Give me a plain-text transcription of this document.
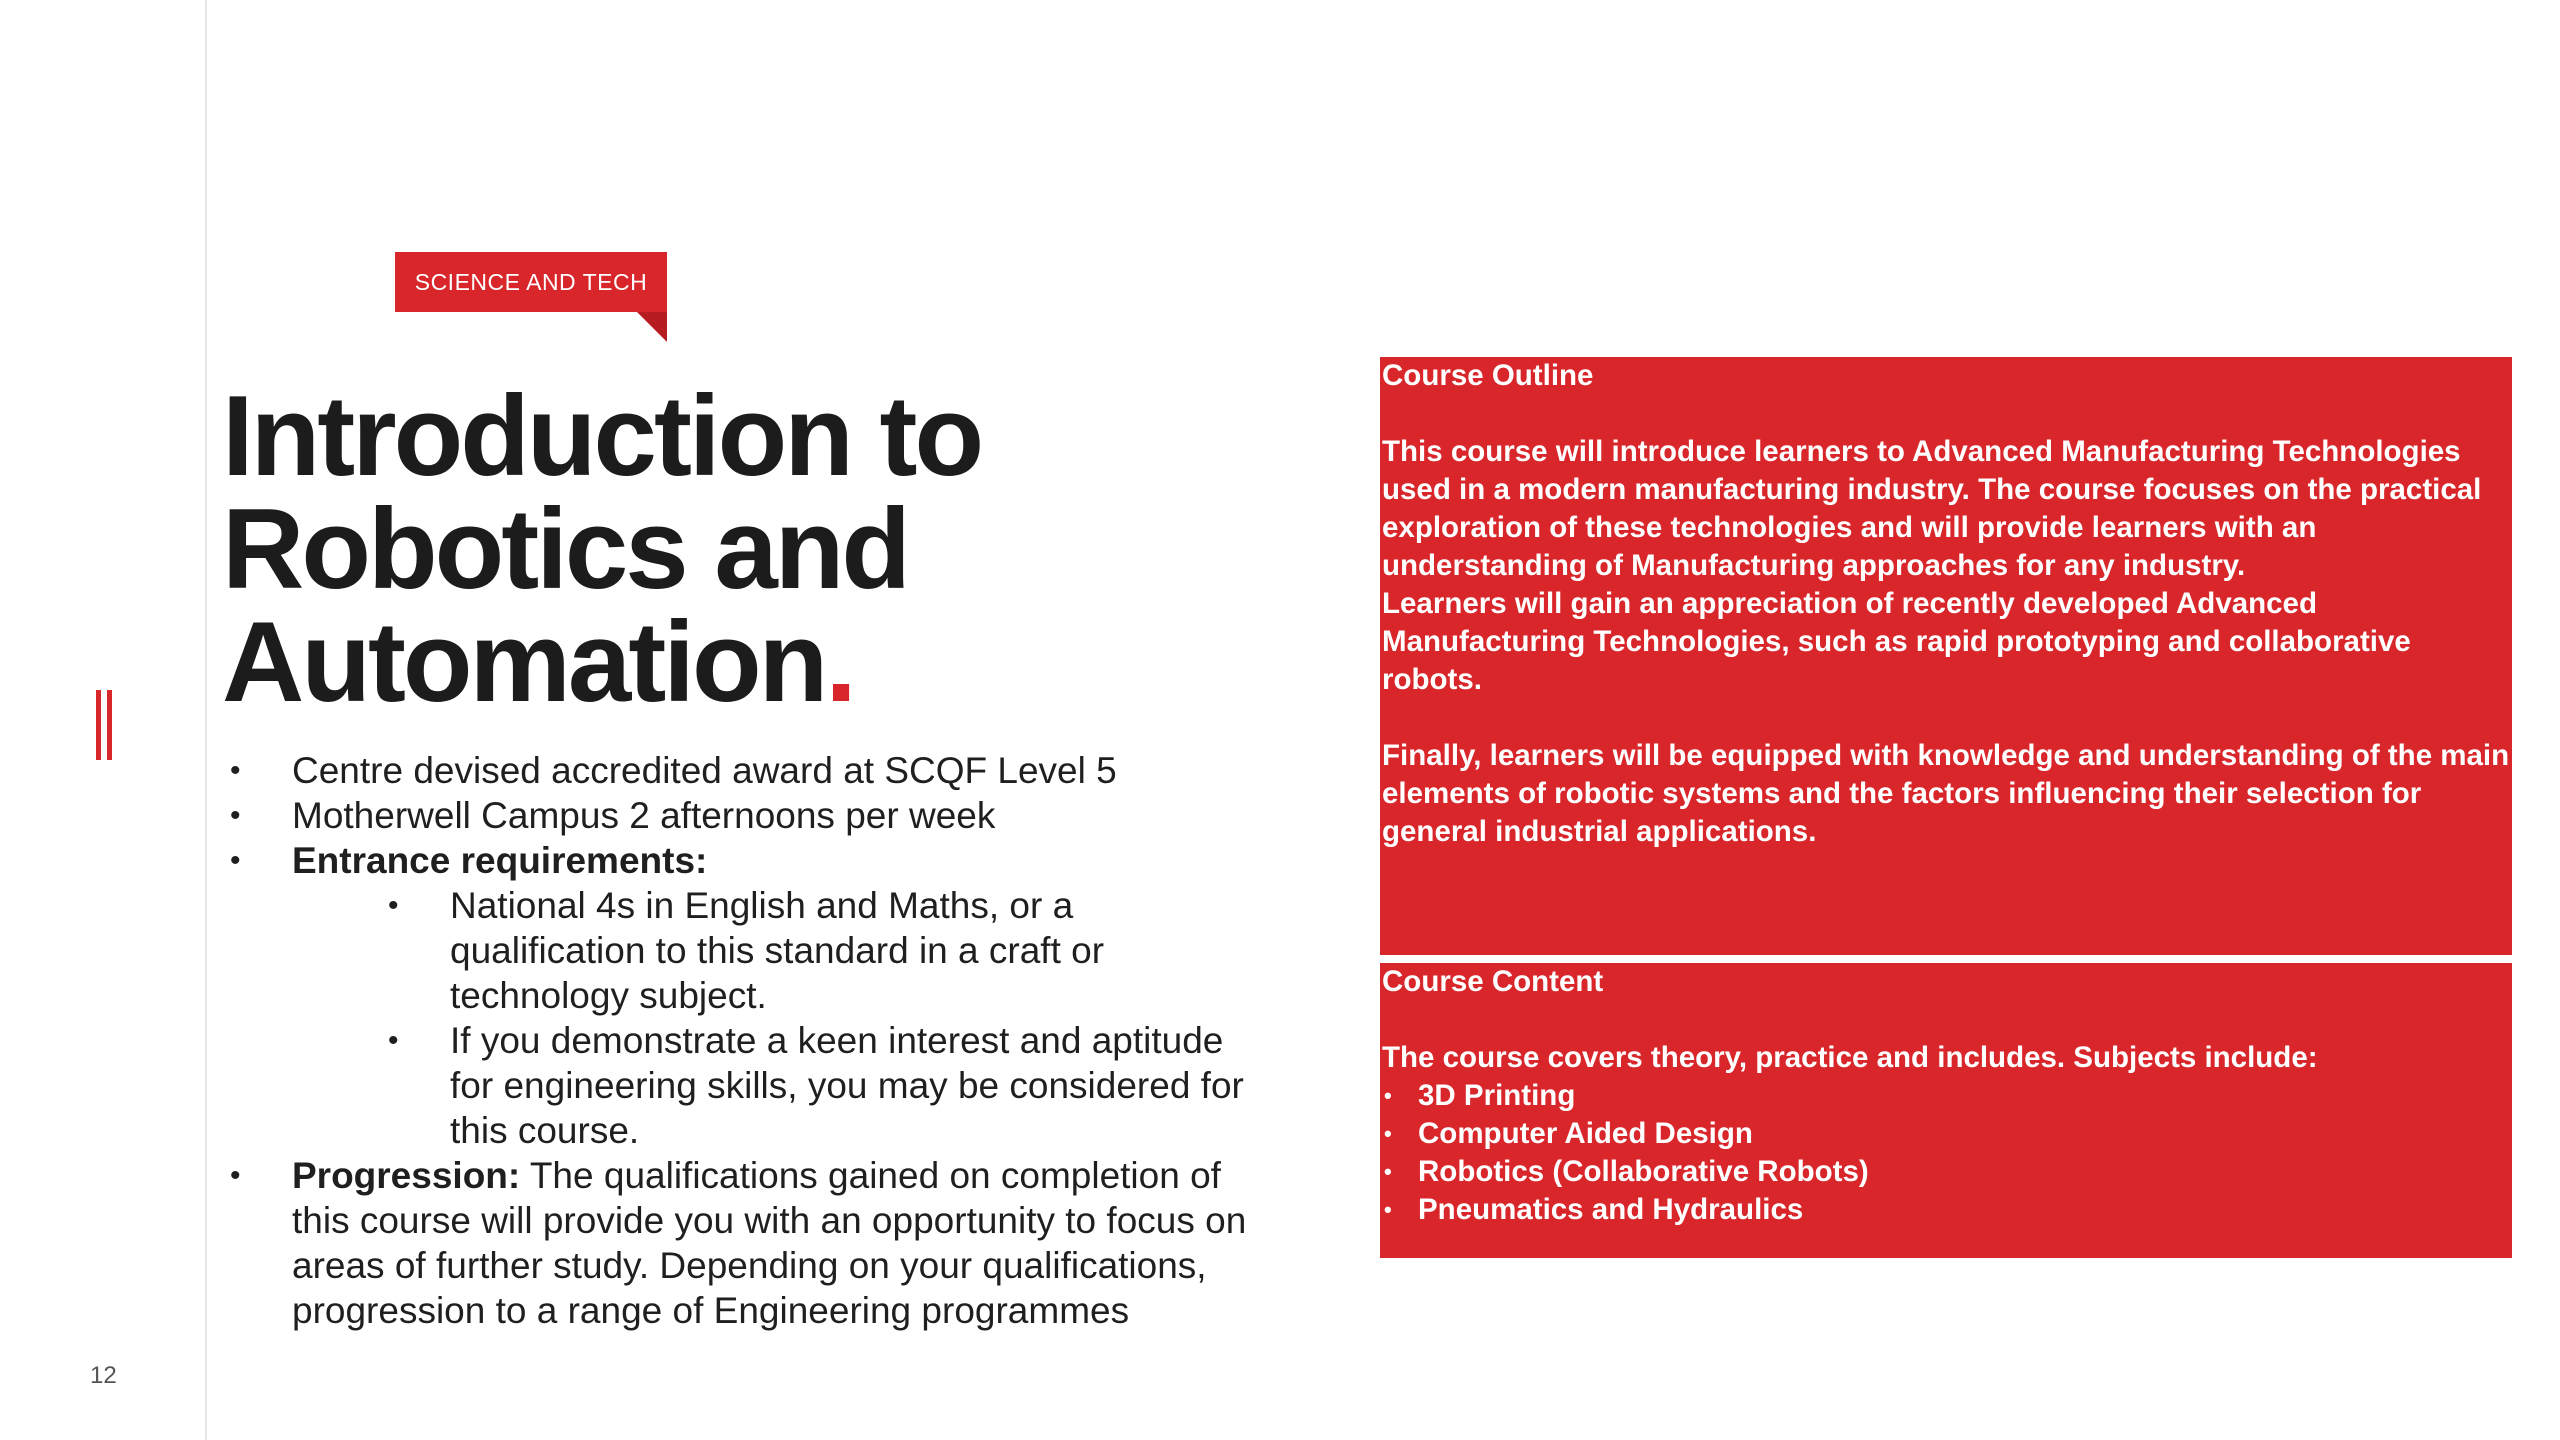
12
SCIENCE AND TECH
Introduction to
Robotics and
Automation.
• Centre devised accredited award at SCQF Level 5
• Motherwell Campus 2 afternoons per week
• Entrance requirements:
• National 4s in English and Maths, or a qualification to this standard in a craft or technology subject.
• If you demonstrate a keen interest and aptitude for engineering skills, you may be considered for this course.
• Progression: The qualifications gained on completion of this course will provide you with an opportunity to focus on areas of further study. Depending on your qualifications, progression to a range of Engineering programmes

Course Outline

This course will introduce learners to Advanced Manufacturing Technologies used in a modern manufacturing industry. The course focuses on the practical exploration of these technologies and will provide learners with an understanding of Manufacturing approaches for any industry.

Learners will gain an appreciation of recently developed Advanced Manufacturing Technologies, such as rapid prototyping and collaborative robots.

Finally, learners will be equipped with knowledge and understanding of the main elements of robotic systems and the factors influencing their selection for general industrial applications.

Course Content

The course covers theory, practice and includes. Subjects include:

• 3D Printing
• Computer Aided Design
• Robotics (Collaborative Robots)
• Pneumatics and Hydraulics
